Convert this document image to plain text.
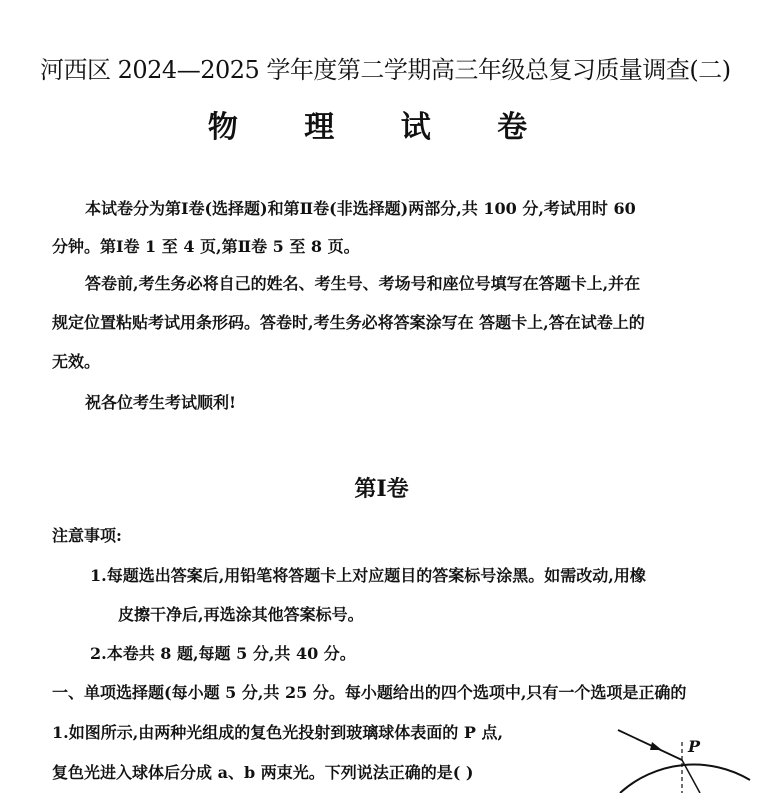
河西区 2024—2025 学年度第二学期高三年级总复习质量调查(二)
物 理 试 卷
本试卷分为第Ⅰ卷(选择题)和第Ⅱ卷(非选择题)两部分,共 100 分,考试用时 60
分钟。第Ⅰ卷 1 至 4 页,第Ⅱ卷 5 至 8 页。
答卷前,考生务必将自己的姓名、考生号、考场号和座位号填写在答题卡上,并在
规定位置粘贴考试用条形码。答卷时,考生务必将答案涂写在 答题卡上,答在试卷上的
无效。
祝各位考生考试顺利!
第Ⅰ卷
注意事项:
1.每题选出答案后,用铅笔将答题卡上对应题目的答案标号涂黑。如需改动,用橡
皮擦干净后,再选涂其他答案标号。
2.本卷共 8 题,每题 5 分,共 40 分。
一、单项选择题(每小题 5 分,共 25 分。每小题给出的四个选项中,只有一个选项是正确的
1.如图所示,由两种光组成的复色光投射到玻璃球体表面的 P 点,
复色光进入球体后分成 a、b 两束光。下列说法正确的是( )
P
